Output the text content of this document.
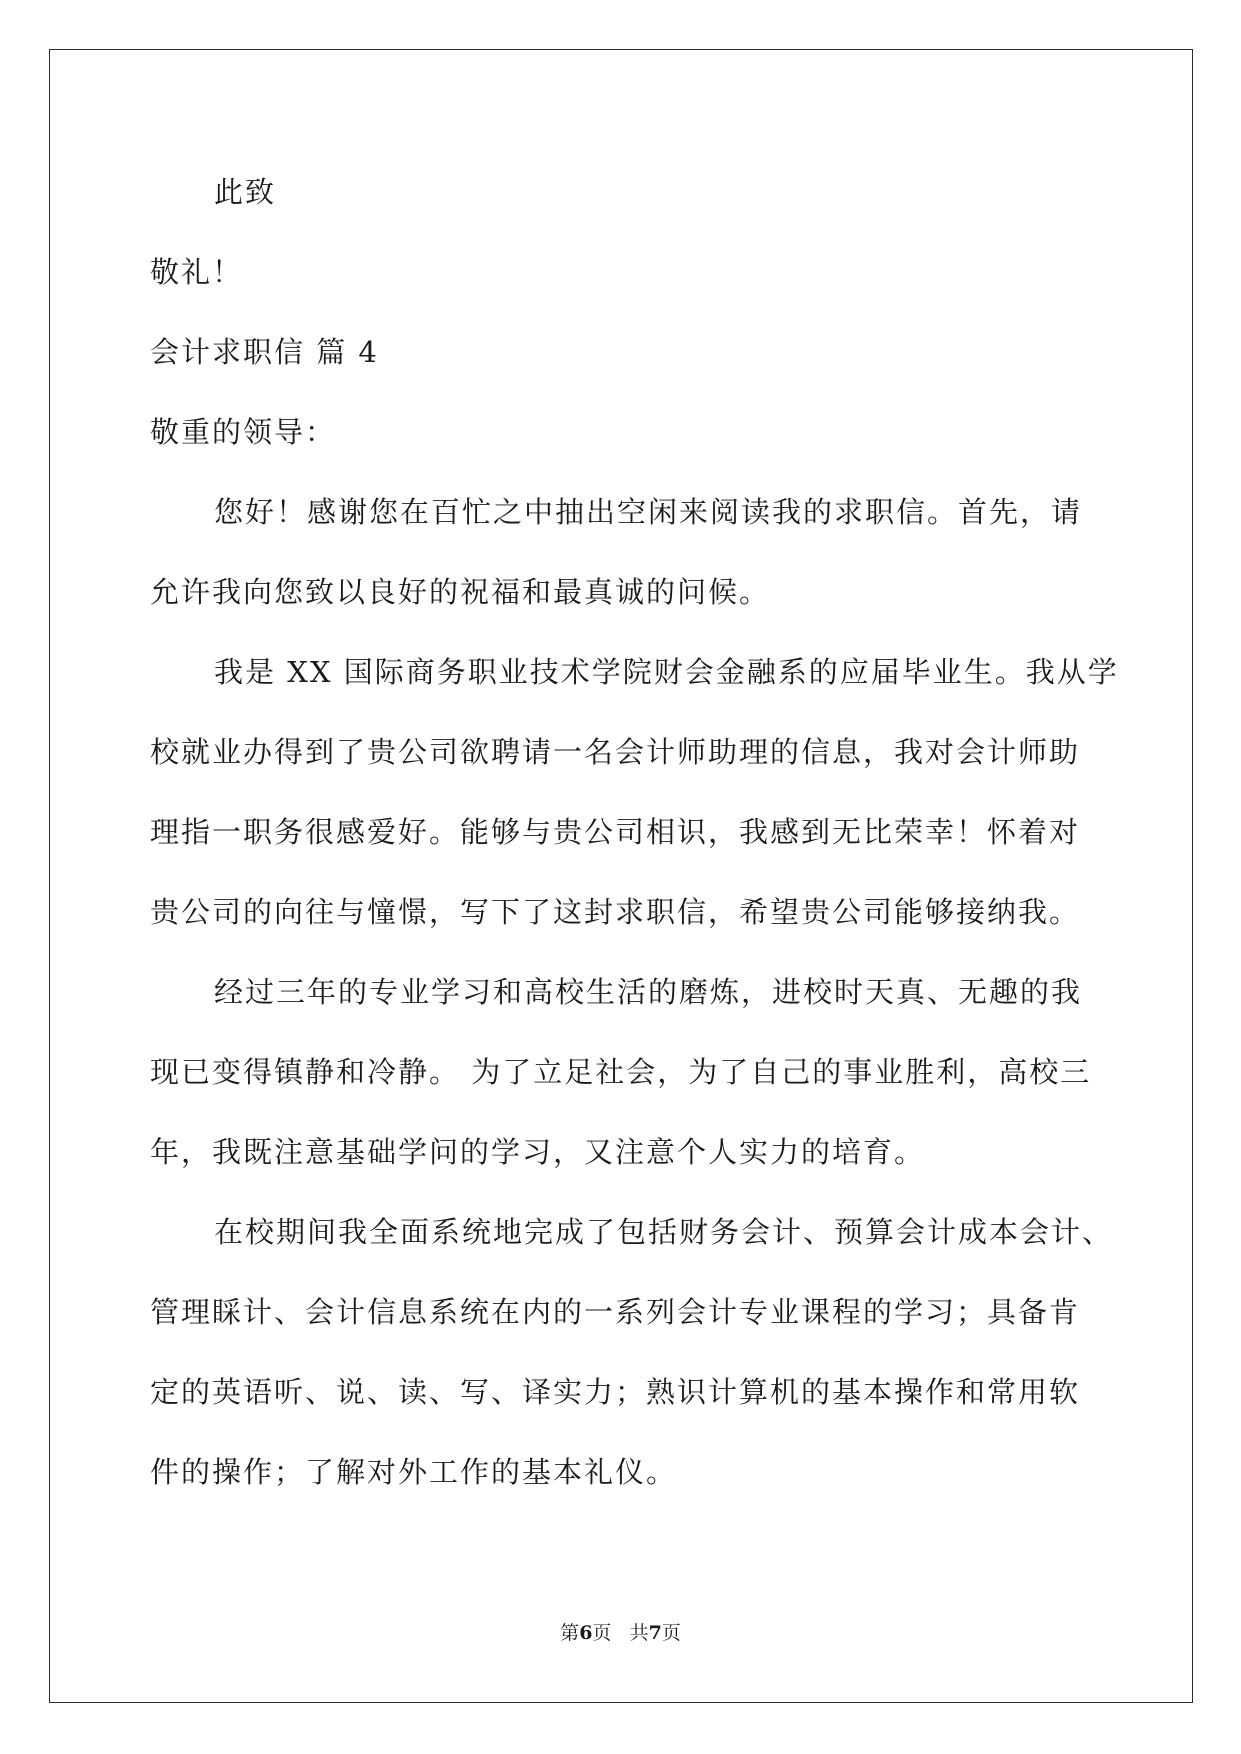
此致
敬礼！
会计求职信 篇 4
敬重的领导：
您好！感谢您在百忙之中抽出空闲来阅读我的求职信。首先，请
允许我向您致以良好的祝福和最真诚的问候。
我是 XX 国际商务职业技术学院财会金融系的应届毕业生。我从学
校就业办得到了贵公司欲聘请一名会计师助理的信息，我对会计师助
理指一职务很感爱好。能够与贵公司相识，我感到无比荣幸！怀着对
贵公司的向往与憧憬，写下了这封求职信，希望贵公司能够接纳我。
经过三年的专业学习和高校生活的磨炼，进校时天真、无趣的我
现已变得镇静和冷静。 为了立足社会，为了自己的事业胜利，高校三
年，我既注意基础学问的学习，又注意个人实力的培育。
在校期间我全面系统地完成了包括财务会计、预算会计成本会计、
管理睬计、会计信息系统在内的一系列会计专业课程的学习；具备肯
定的英语听、说、读、写、译实力；熟识计算机的基本操作和常用软
件的操作；了解对外工作的基本礼仪。
第6页 共7页
